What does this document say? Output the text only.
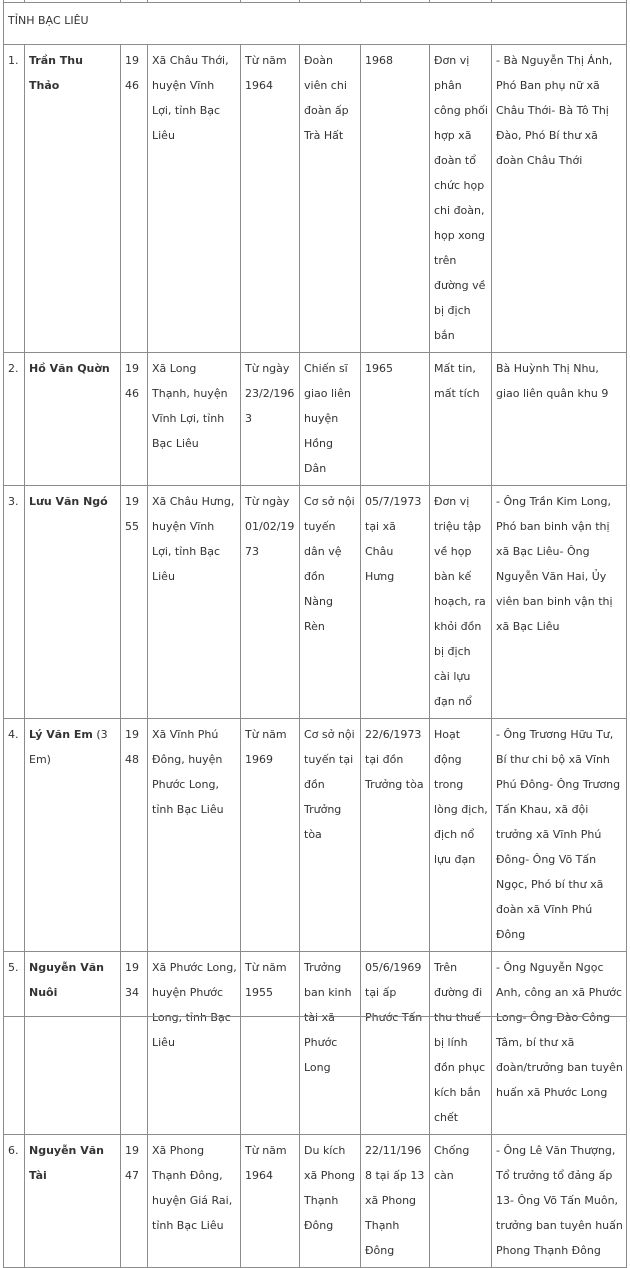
TỈNH BẠC LIÊU								
1.	Trần Thu Thảo	1946	Xã Châu Thới, huyện Vĩnh Lợi, tỉnh Bạc Liêu	Từ năm 1964	Đoàn viên chi đoàn ấp Trà Hất	1968	Đơn vị phân công phối hợp xã đoàn tổ chức họp chi đoàn, họp xong trên đường về bị địch bắn	- Bà Nguyễn Thị Ánh, Phó Ban phụ nữ xã Châu Thới- Bà Tô Thị Đào, Phó Bí thư xã đoàn Châu Thới
2.	Hồ Văn Quờn	1946	Xã Long Thạnh, huyện Vĩnh Lợi, tỉnh Bạc Liêu	Từ ngày 23/2/1963	Chiến sĩ giao liên huyện Hồng Dân	1965	Mất tin, mất tích	Bà Huỳnh Thị Nhu, giao liên quân khu 9
3.	Lưu Văn Ngó	1955	Xã Châu Hưng, huyện Vĩnh Lợi, tỉnh Bạc Liêu	Từ ngày 01/02/1973	Cơ sở nội tuyến dân vệ đồn Nàng Rèn	05/7/1973 tại xã Châu Hưng	Đơn vị triệu tập về họp bàn kế hoạch, ra khỏi đồn bị địch cài lựu đạn nổ	- Ông Trần Kim Long, Phó ban binh vận thị xã Bạc Liêu- Ông Nguyễn Văn Hai, Ủy viên ban binh vận thị xã Bạc Liêu
4.	Lý Văn Em (3 Em)	1948	Xã Vĩnh Phú Đông, huyện Phước Long, tỉnh Bạc Liêu	Từ năm 1969	Cơ sở nội tuyến tại đồn Trưởng tòa	22/6/1973 tại đồn Trưởng tòa	Hoạt động trong lòng địch, địch nổ lựu đạn	- Ông Trương Hữu Tư, Bí thư chi bộ xã Vĩnh Phú Đông- Ông Trương Tấn Khau, xã đội trưởng xã Vĩnh Phú Đông- Ông Võ Tấn Ngọc, Phó bí thư xã đoàn xã Vĩnh Phú Đông
5.	Nguyễn Văn Nuôi	1934	Xã Phước Long, huyện Phước Long, tỉnh Bạc Liêu	Từ năm 1955	Trưởng ban kinh tài xã Phước Long	05/6/1969 tại ấp Phước Tấn	Trên đường đi thu thuế bị lính đồn phục kích bắn chết	- Ông Nguyễn Ngọc Anh, công an xã Phước Long- Ông Đào Công Tâm, bí thư xã đoàn/trưởng ban tuyên huấn xã Phước Long
6.	Nguyễn Văn Tài	1947	Xã Phong Thạnh Đông, huyện Giá Rai, tỉnh Bạc Liêu	Từ năm 1964	Du kích xã Phong Thạnh Đông	22/11/1968 tại ấp 13 xã Phong Thạnh Đông	Chống càn	- Ông Lê Văn Thượng, Tổ trưởng tổ đảng ấp 13- Ông Võ Tấn Muôn, trưởng ban tuyên huấn Phong Thạnh Đông
